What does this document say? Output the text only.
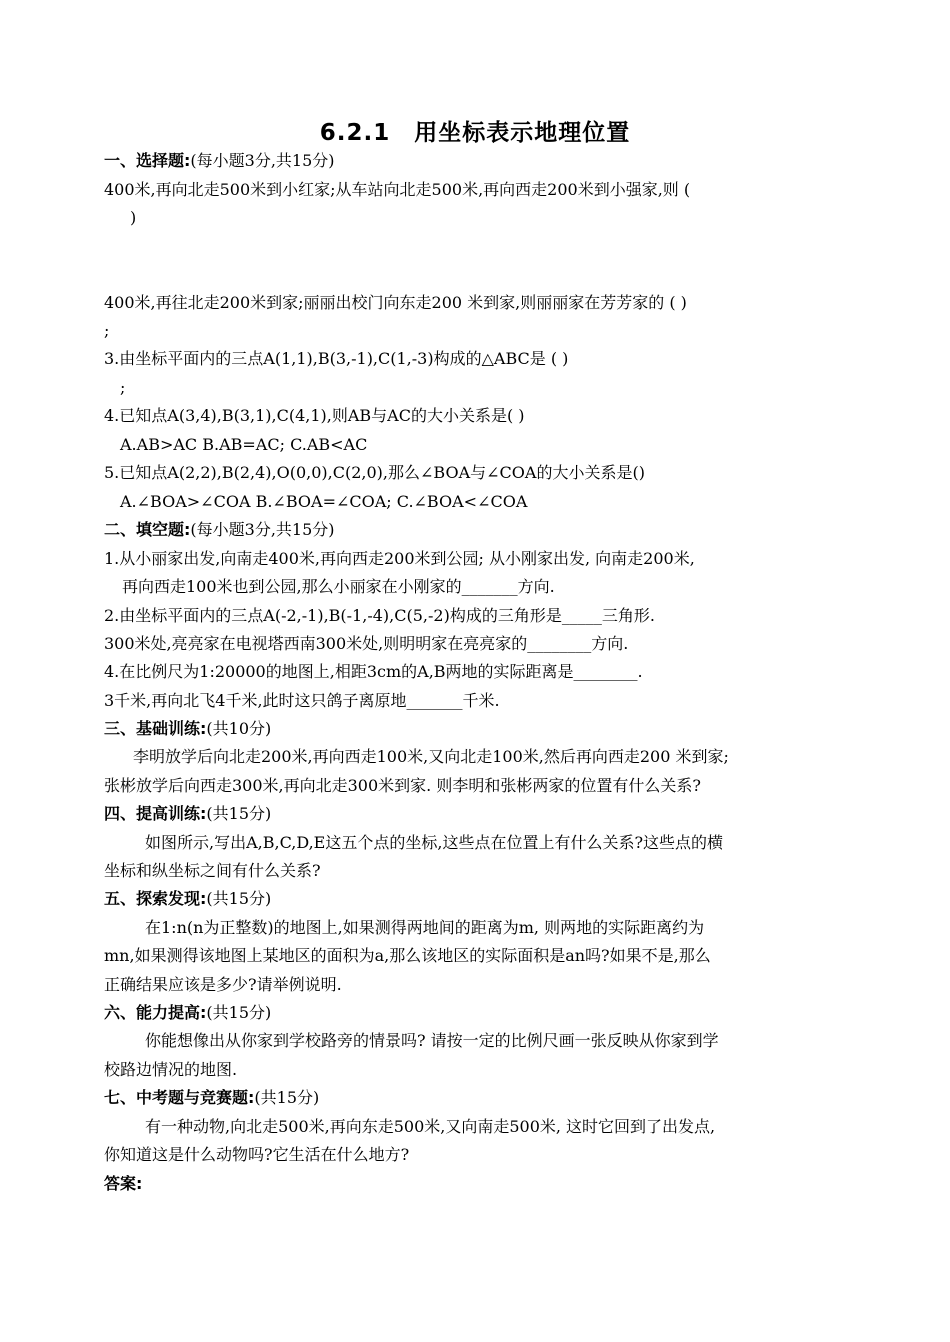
6.2.1　用坐标表示地理位置
一、选择题:(每小题3分,共15分)
400米,再向北走500米到小红家;从车站向北走500米,再向西走200米到小强家,则 (
)
400米,再往北走200米到家;丽丽出校门向东走200 米到家,则丽丽家在芳芳家的 ( )
;
3.由坐标平面内的三点A(1,1),B(3,-1),C(1,-3)构成的△ABC是 ( )
;
4.已知点A(3,4),B(3,1),C(4,1),则AB与AC的大小关系是( )
A.AB>AC B.AB=AC; C.AB<AC
5.已知点A(2,2),B(2,4),O(0,0),C(2,0),那么∠BOA与∠COA的大小关系是()
A.∠BOA>∠COA B.∠BOA=∠COA; C.∠BOA<∠COA
二、填空题:(每小题3分,共15分)
1.从小丽家出发,向南走400米,再向西走200米到公园; 从小刚家出发, 向南走200米,
再向西走100米也到公园,那么小丽家在小刚家的_______方向.
2.由坐标平面内的三点A(-2,-1),B(-1,-4),C(5,-2)构成的三角形是_____三角形.
300米处,亮亮家在电视塔西南300米处,则明明家在亮亮家的________方向.
4.在比例尺为1:20000的地图上,相距3cm的A,B两地的实际距离是________.
3千米,再向北飞4千米,此时这只鸽子离原地_______千米.
三、基础训练:(共10分)
李明放学后向北走200米,再向西走100米,又向北走100米,然后再向西走200 米到家;
张彬放学后向西走300米,再向北走300米到家. 则李明和张彬两家的位置有什么关系?
四、提高训练:(共15分)
如图所示,写出A,B,C,D,E这五个点的坐标,这些点在位置上有什么关系?这些点的横
坐标和纵坐标之间有什么关系?
五、探索发现:(共15分)
在1:n(n为正整数)的地图上,如果测得两地间的距离为m, 则两地的实际距离约为
mn,如果测得该地图上某地区的面积为a,那么该地区的实际面积是an吗?如果不是,那么
正确结果应该是多少?请举例说明.
六、能力提高:(共15分)
你能想像出从你家到学校路旁的情景吗? 请按一定的比例尺画一张反映从你家到学
校路边情况的地图.
七、中考题与竞赛题:(共15分)
有一种动物,向北走500米,再向东走500米,又向南走500米, 这时它回到了出发点,
你知道这是什么动物吗?它生活在什么地方?
答案:
